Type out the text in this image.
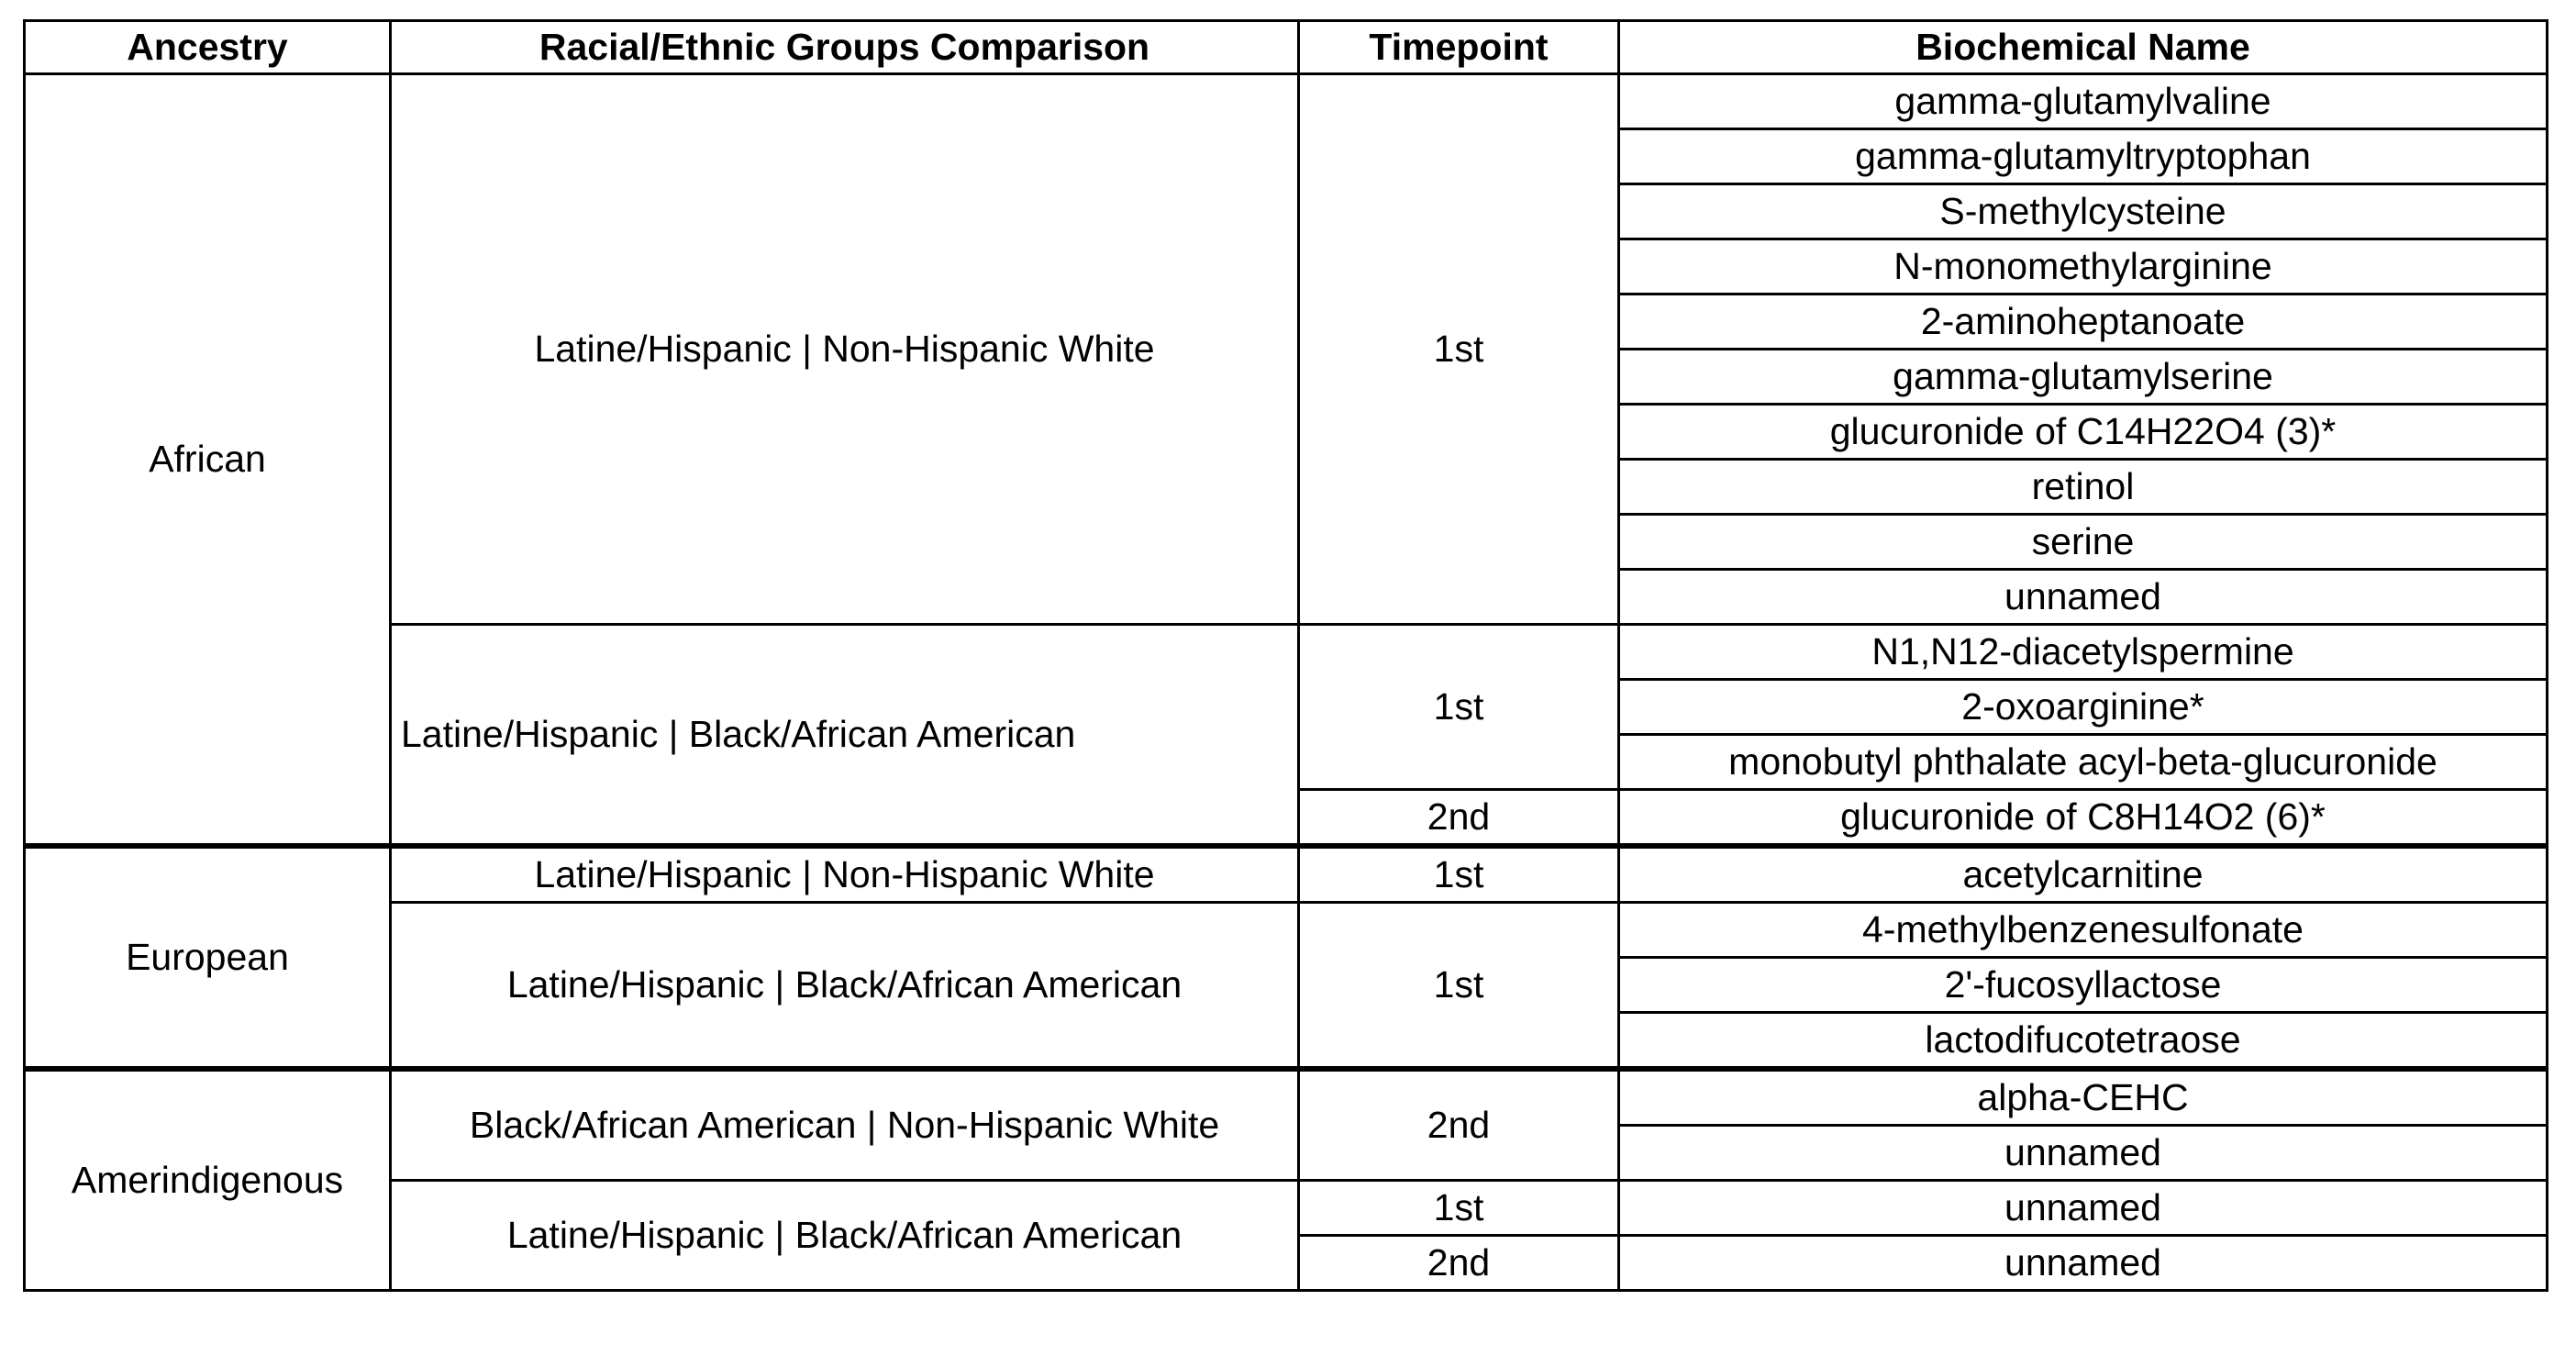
Ancestry	Racial/Ethnic Groups Comparison	Timepoint	Biochemical Name
African	Latine/Hispanic | Non-Hispanic White	1st	gamma-glutamylvaline
			gamma-glutamyltryptophan
			S-methylcysteine
			N-monomethylarginine
			2-aminoheptanoate
			gamma-glutamylserine
			glucuronide of C14H22O4 (3)*
			retinol
			serine
			unnamed
	Latine/Hispanic | Black/African American	1st	N1,N12-diacetylspermine
			2-oxoarginine*
			monobutyl phthalate acyl-beta-glucuronide
		2nd	glucuronide of C8H14O2 (6)*
European	Latine/Hispanic | Non-Hispanic White	1st	acetylcarnitine
	Latine/Hispanic | Black/African American	1st	4-methylbenzenesulfonate
			2'-fucosyllactose
			lactodifucotetraose
Amerindigenous	Black/African American | Non-Hispanic White	2nd	alpha-CEHC
			unnamed
	Latine/Hispanic | Black/African American	1st	unnamed
		2nd	unnamed
